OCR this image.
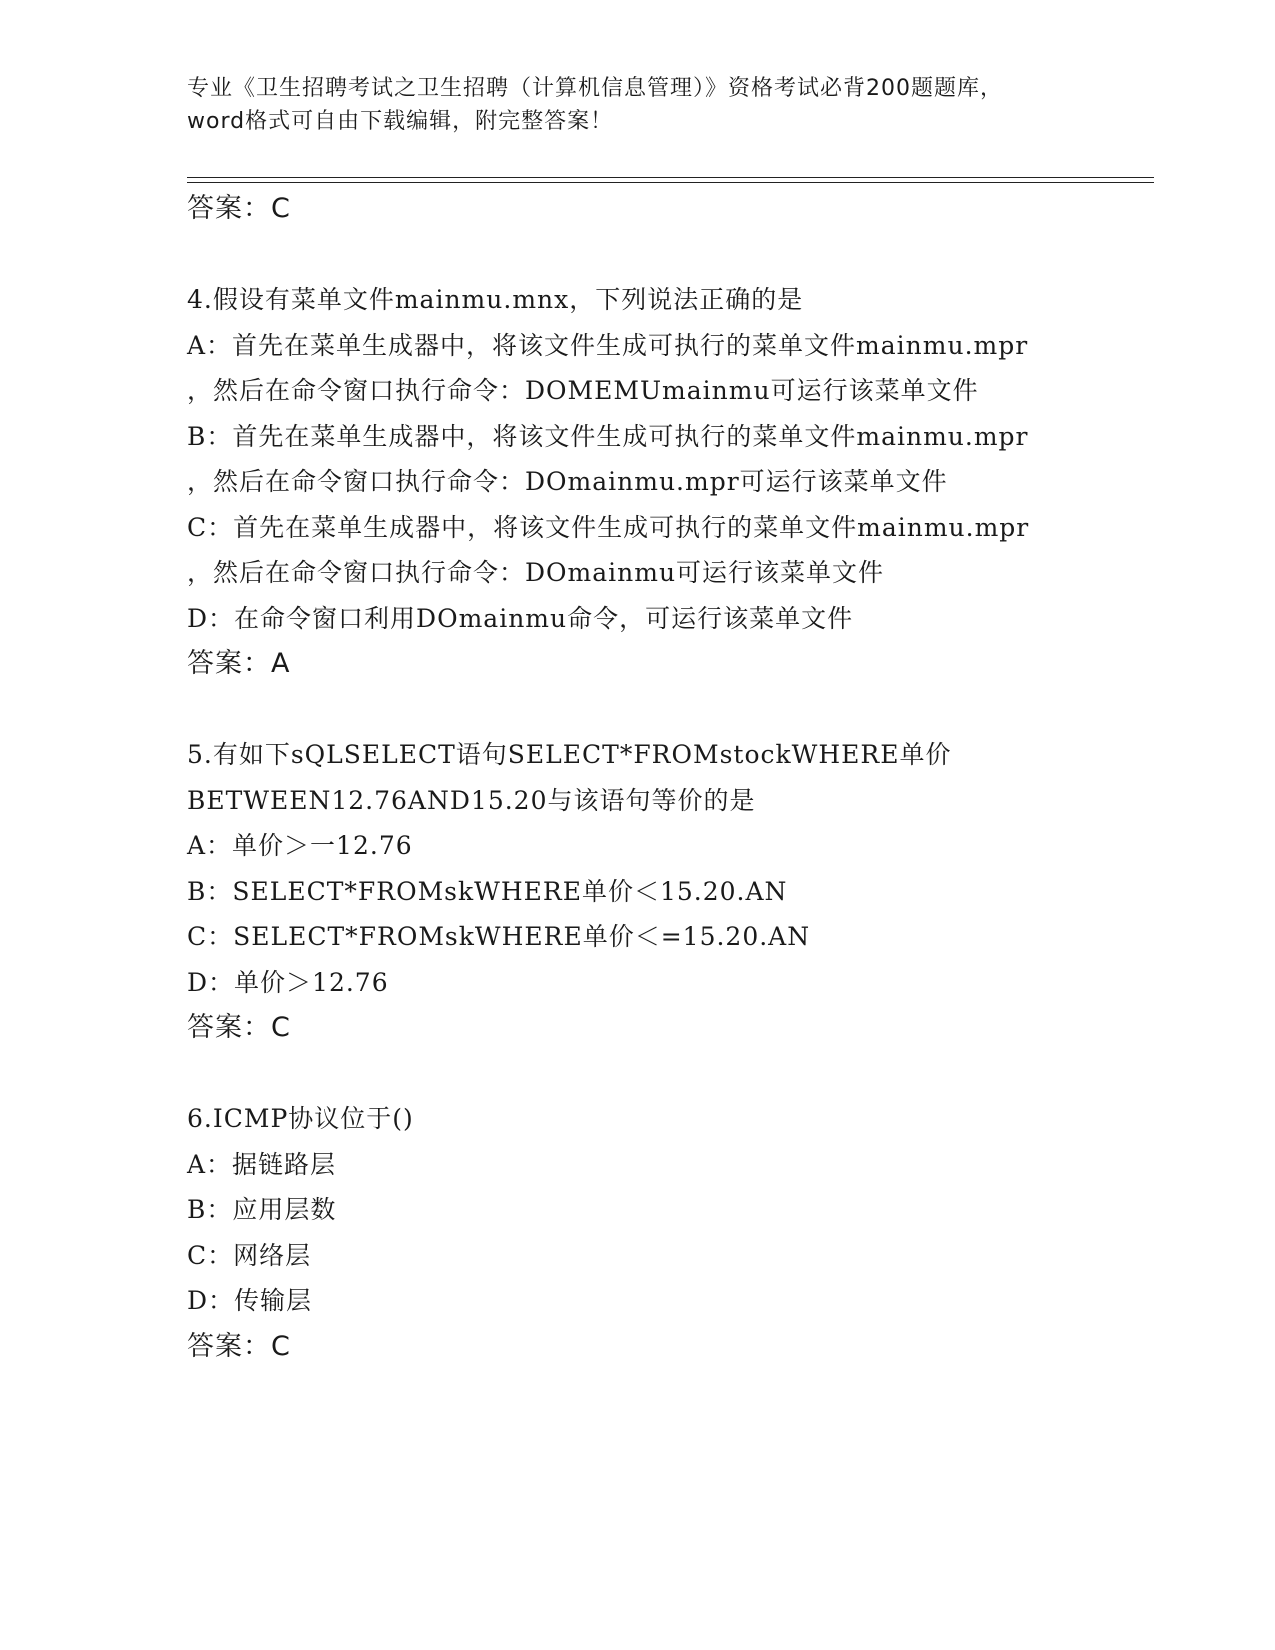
专业《卫生招聘考试之卫生招聘（计算机信息管理）》资格考试必背200题题库，
word格式可自由下载编辑，附完整答案！
答案：C
4.假设有菜单文件mainmu.mnx，下列说法正确的是
A：首先在菜单生成器中，将该文件生成可执行的菜单文件mainmu.mpr
，然后在命令窗口执行命令：DOMEMUmainmu可运行该菜单文件
B：首先在菜单生成器中，将该文件生成可执行的菜单文件mainmu.mpr
，然后在命令窗口执行命令：DOmainmu.mpr可运行该菜单文件
C：首先在菜单生成器中，将该文件生成可执行的菜单文件mainmu.mpr
，然后在命令窗口执行命令：DOmainmu可运行该菜单文件
D：在命令窗口利用DOmainmu命令，可运行该菜单文件
答案：A
5.有如下sQLSELECT语句SELECT*FROMstockWHERE单价
BETWEEN12.76AND15.20与该语句等价的是
A：单价＞一12.76
B：SELECT*FROMskWHERE单价＜15.20.AN
C：SELECT*FROMskWHERE单价＜=15.20.AN
D：单价＞12.76
答案：C
6.ICMP协议位于()
A：据链路层
B：应用层数
C：网络层
D：传输层
答案：C
